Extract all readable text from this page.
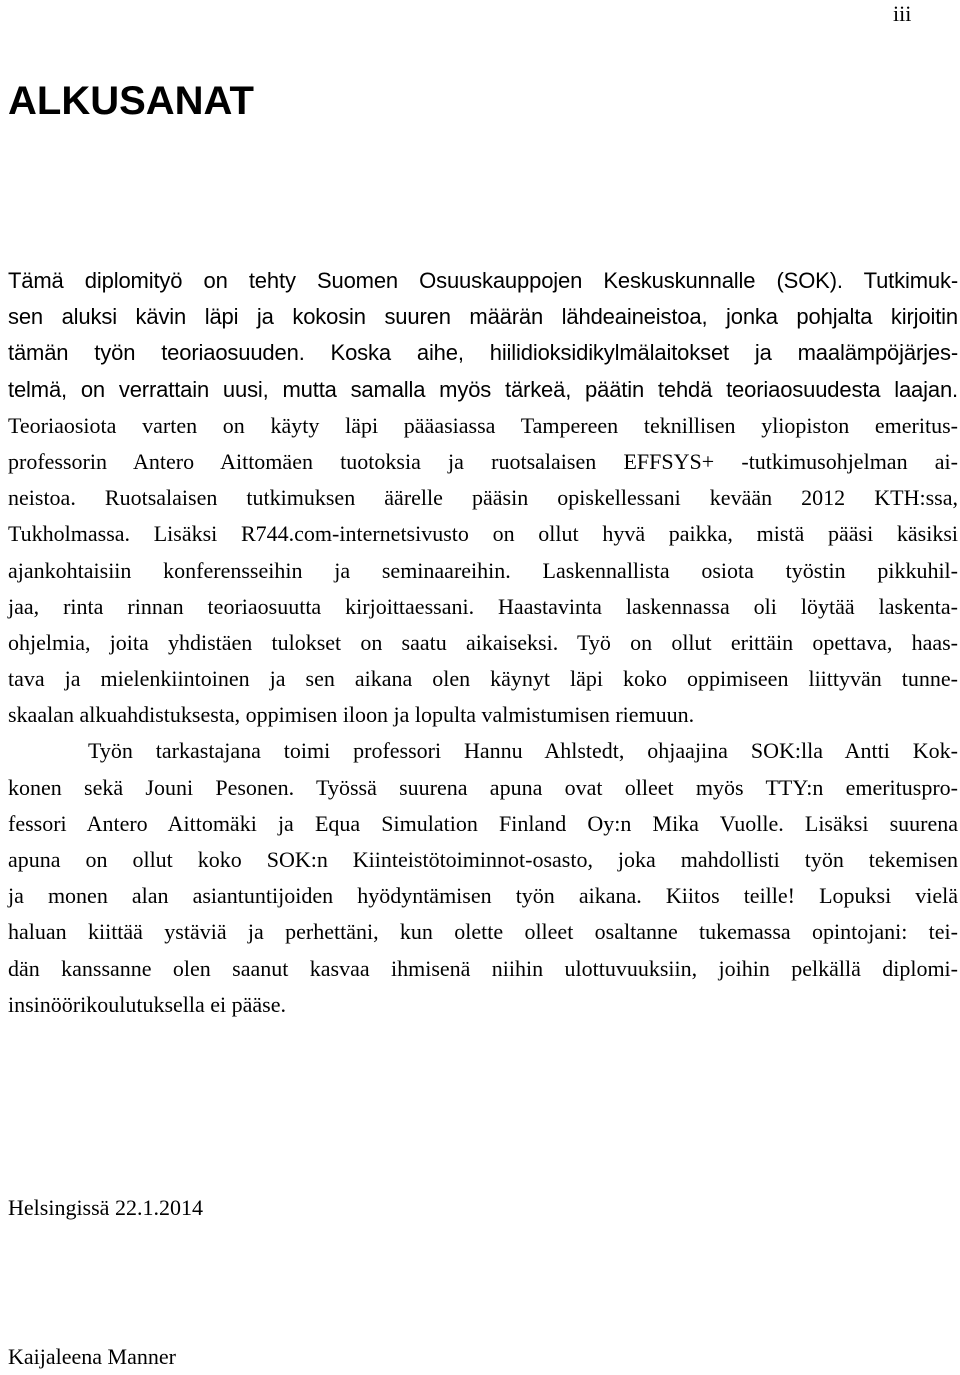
iii
ALKUSANAT
Tämä diplomityö on tehty Suomen Osuuskauppojen Keskuskunnalle (SOK). Tutkimuk-
sen aluksi kävin läpi ja kokosin suuren määrän lähdeaineistoa, jonka pohjalta kirjoitin
tämän työn teoriaosuuden. Koska aihe, hiilidioksidikylmälaitokset ja maalämpöjärjes-
telmä, on verrattain uusi, mutta samalla myös tärkeä, päätin tehdä teoriaosuudesta laajan.
Teoriaosiota varten on käyty läpi pääasiassa Tampereen teknillisen yliopiston emeritus-
professorin Antero Aittomäen tuotoksia ja ruotsalaisen EFFSYS+ -tutkimusohjelman ai-
neistoa. Ruotsalaisen tutkimuksen äärelle pääsin opiskellessani kevään 2012 KTH:ssa,
Tukholmassa. Lisäksi R744.com-internetsivusto on ollut hyvä paikka, mistä pääsi käsiksi
ajankohtaisiin konferensseihin ja seminaareihin. Laskennallista osiota työstin pikkuhil-
jaa, rinta rinnan teoriaosuutta kirjoittaessani. Haastavinta laskennassa oli löytää laskenta-
ohjelmia, joita yhdistäen tulokset on saatu aikaiseksi. Työ on ollut erittäin opettava, haas-
tava ja mielenkiintoinen ja sen aikana olen käynyt läpi koko oppimiseen liittyvän tunne-
skaalan alkuahdistuksesta, oppimisen iloon ja lopulta valmistumisen riemuun.
Työn tarkastajana toimi professori Hannu Ahlstedt, ohjaajina SOK:lla Antti Kok-
konen sekä Jouni Pesonen. Työssä suurena apuna ovat olleet myös TTY:n emerituspro-
fessori Antero Aittomäki ja Equa Simulation Finland Oy:n Mika Vuolle. Lisäksi suurena
apuna on ollut koko SOK:n Kiinteistötoiminnot-osasto, joka mahdollisti työn tekemisen
ja monen alan asiantuntijoiden hyödyntämisen työn aikana. Kiitos teille! Lopuksi vielä
haluan kiittää ystäviä ja perhettäni, kun olette olleet osaltanne tukemassa opintojani: tei-
dän kanssanne olen saanut kasvaa ihmisenä niihin ulottuvuuksiin, joihin pelkällä diplomi-
insinöörikoulutuksella ei pääse.
Helsingissä 22.1.2014
Kaijaleena Manner
